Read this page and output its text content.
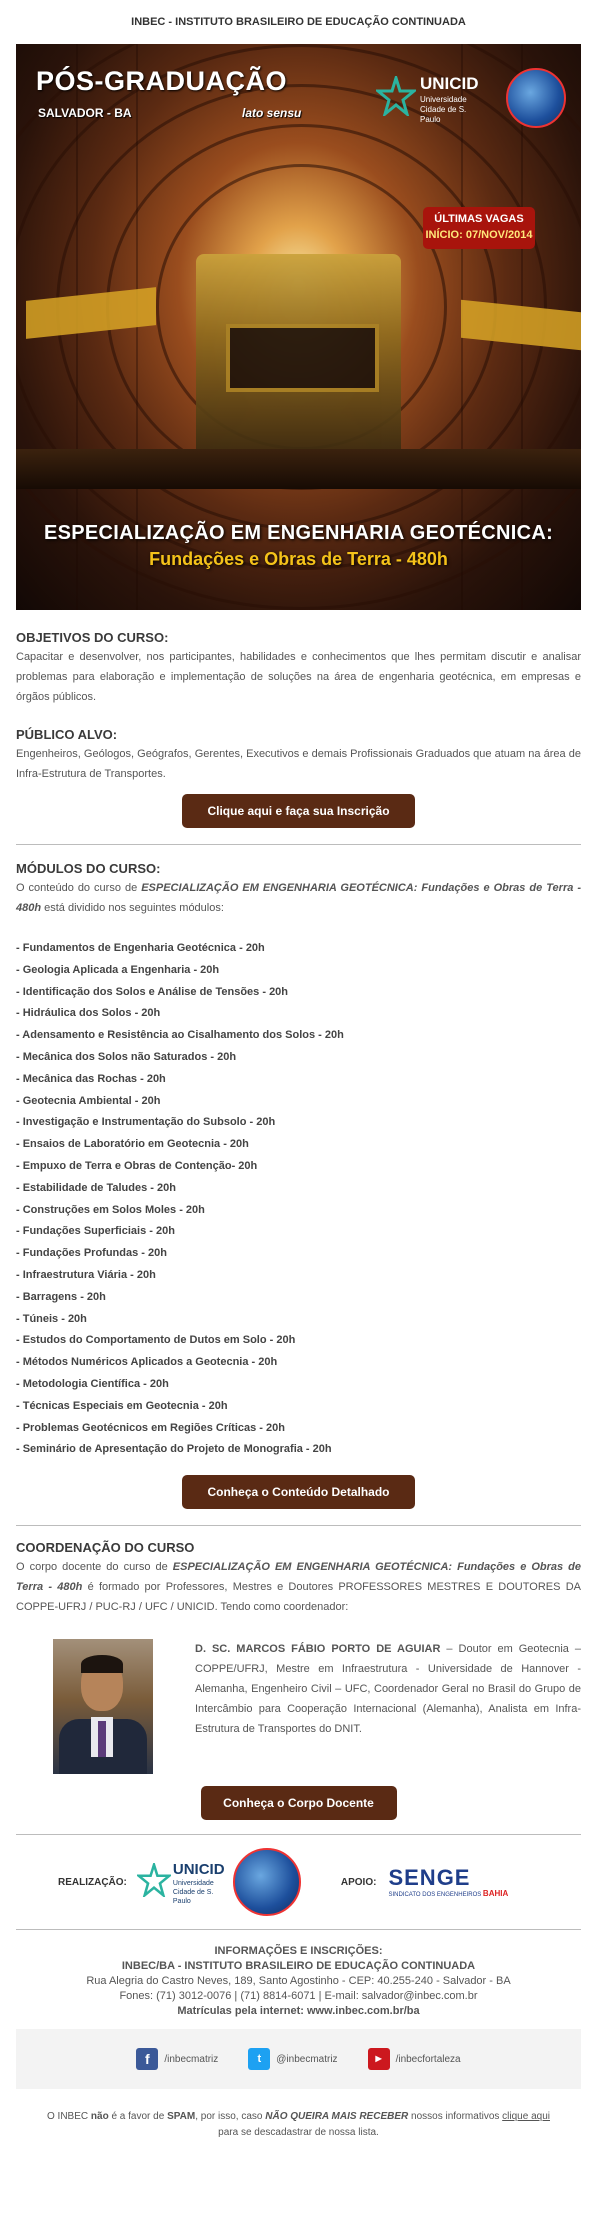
INBEC - INSTITUTO BRASILEIRO DE EDUCAÇÃO CONTINUADA
PÓS-GRADUAÇÃO
SALVADOR - BA	lato sensu
UNICID
Universidade
Cidade de S. Paulo
ÚLTIMAS VAGAS
INÍCIO: 07/NOV/2014
ESPECIALIZAÇÃO EM ENGENHARIA GEOTÉCNICA:
Fundações e Obras de Terra - 480h

OBJETIVOS DO CURSO:

Capacitar e desenvolver, nos participantes, habilidades e conhecimentos que lhes permitam discutir e analisar problemas para elaboração e implementação de soluções na área de engenharia geotécnica, em empresas e órgãos públicos.

PÚBLICO ALVO:

Engenheiros, Geólogos, Geógrafos, Gerentes, Executivos e demais Profissionais Graduados que atuam na área de Infra-Estrutura de Transportes.

Clique aqui e faça sua Inscrição

MÓDULOS DO CURSO:

O conteúdo do curso de ESPECIALIZAÇÃO EM ENGENHARIA GEOTÉCNICA: Fundações e Obras de Terra - 480h está dividido nos seguintes módulos:

- Fundamentos de Engenharia Geotécnica - 20h
- Geologia Aplicada a Engenharia - 20h
- Identificação dos Solos e Análise de Tensões - 20h
- Hidráulica dos Solos - 20h
- Adensamento e Resistência ao Cisalhamento dos Solos - 20h
- Mecânica dos Solos não Saturados - 20h
- Mecânica das Rochas - 20h
- Geotecnia Ambiental - 20h
- Investigação e Instrumentação do Subsolo - 20h
- Ensaios de Laboratório em Geotecnia - 20h
- Empuxo de Terra e Obras de Contenção- 20h
- Estabilidade de Taludes - 20h
- Construções em Solos Moles - 20h
- Fundações Superficiais - 20h
- Fundações Profundas - 20h
- Infraestrutura Viária - 20h
- Barragens - 20h
- Túneis - 20h
- Estudos do Comportamento de Dutos em Solo - 20h
- Métodos Numéricos Aplicados a Geotecnia - 20h
- Metodologia Científica - 20h
- Técnicas Especiais em Geotecnia - 20h
- Problemas Geotécnicos em Regiões Críticas - 20h
- Seminário de Apresentação do Projeto de Monografia - 20h
Conheça o Conteúdo Detalhado

COORDENAÇÃO DO CURSO

O corpo docente do curso de ESPECIALIZAÇÃO EM ENGENHARIA GEOTÉCNICA: Fundações e Obras de Terra - 480h é formado por Professores, Mestres e Doutores PROFESSORES MESTRES E DOUTORES DA COPPE-UFRJ / PUC-RJ / UFC / UNICID. Tendo como coordenador:

D. SC. MARCOS FÁBIO PORTO DE AGUIAR – Doutor em Geotecnia – COPPE/UFRJ, Mestre em Infraestrutura - Universidade de Hannover - Alemanha, Engenheiro Civil – UFC, Coordenador Geral no Brasil do Grupo de Intercâmbio para Cooperação Internacional (Alemanha), Analista em Infra-Estrutura de Transportes do DNIT.
Conheça o Corpo Docente
REALIZAÇÃO:
UNICID
Universidade
Cidade de S. Paulo
APOIO: SENGE
SINDICATO DOS ENGENHEIROS BAHIA
INFORMAÇÕES E INSCRIÇÕES:
INBEC/BA - INSTITUTO BRASILEIRO DE EDUCAÇÃO CONTINUADA
Rua Alegria do Castro Neves, 189, Santo Agostinho - CEP: 40.255-240 - Salvador - BA
Fones: (71) 3012-0076 | (71) 8814-6071 | E-mail: salvador@inbec.com.br
Matrículas pela internet: www.inbec.com.br/ba
f	/inbecmatriz	t	@inbecmatriz	▶	/inbecfortaleza
O INBEC não é a favor de SPAM, por isso, caso NÃO QUEIRA MAIS RECEBER nossos informativos clique aqui para se descadastrar de nossa lista.
